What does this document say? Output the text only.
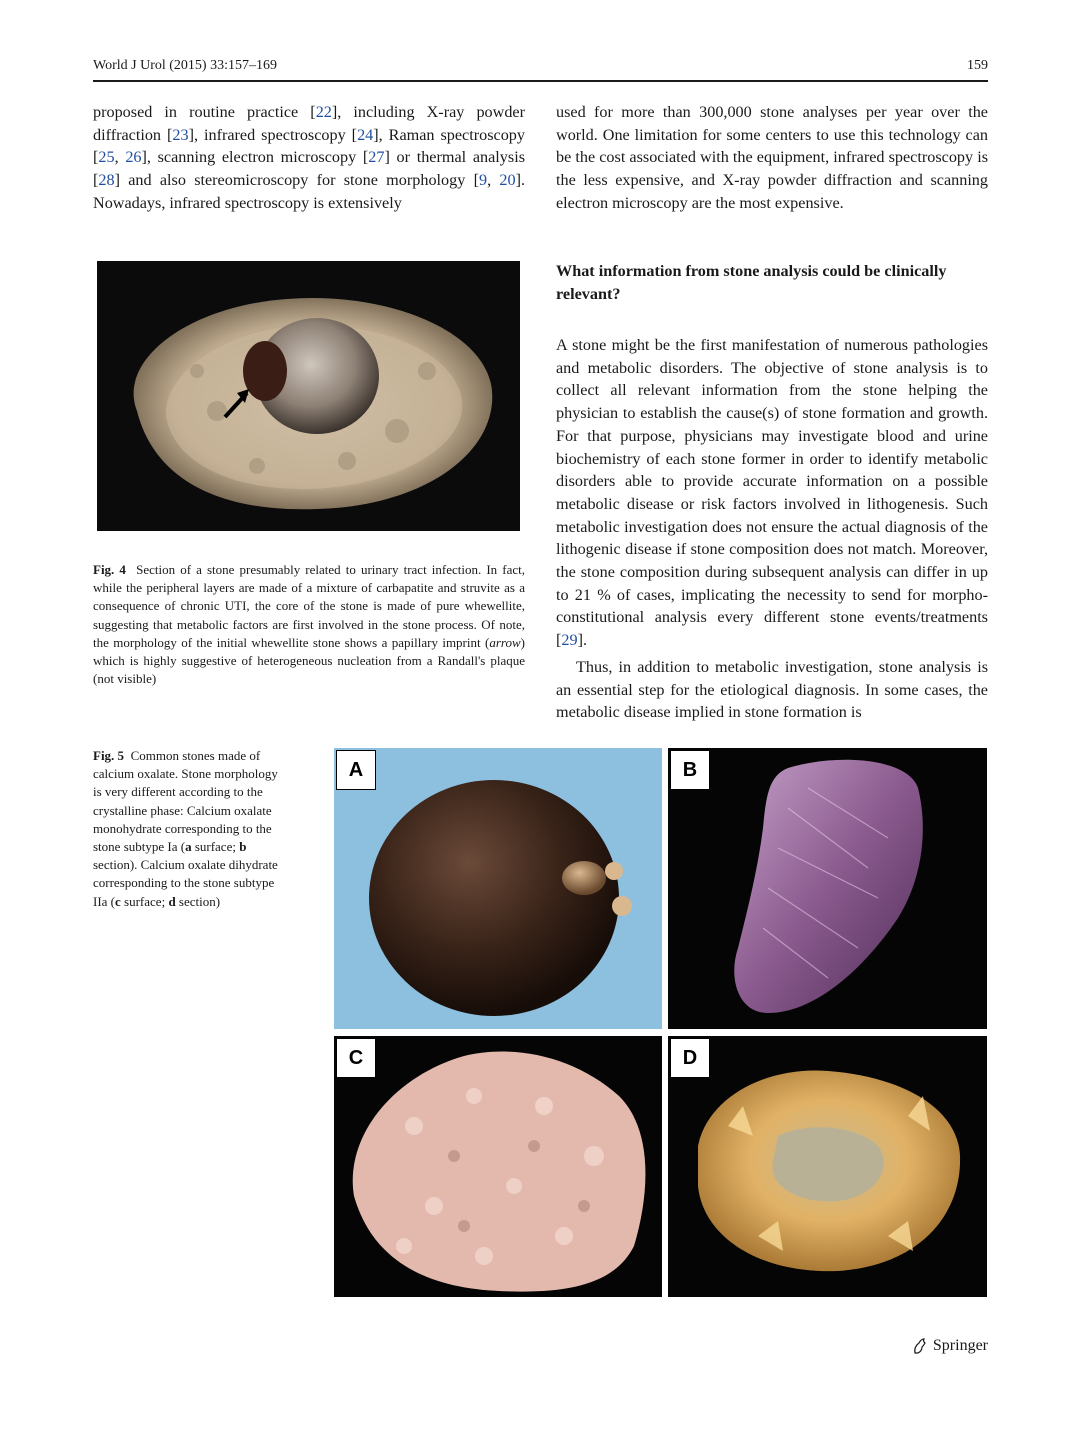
World J Urol (2015) 33:157–169	159

proposed in routine practice [22], including X-ray powder diffraction [23], infrared spectroscopy [24], Raman spectroscopy [25, 26], scanning electron microscopy [27] or thermal analysis [28] and also stereomicroscopy for stone morphology [9, 20]. Nowadays, infrared spectroscopy is extensively

used for more than 300,000 stone analyses per year over the world. One limitation for some centers to use this technology can be the cost associated with the equipment, infrared spectroscopy is the less expensive, and X-ray powder diffraction and scanning electron microscopy are the most expensive.

Fig. 4 Section of a stone presumably related to urinary tract infection. In fact, while the peripheral layers are made of a mixture of carbapatite and struvite as a consequence of chronic UTI, the core of the stone is made of pure whewellite, suggesting that metabolic factors are first involved in the stone process. Of note, the morphology of the initial whewellite stone shows a papillary imprint (arrow) which is highly suggestive of heterogeneous nucleation from a Randall's plaque (not visible)
What information from stone analysis could be clinically relevant?

A stone might be the first manifestation of numerous pathologies and metabolic disorders. The objective of stone analysis is to collect all relevant information from the stone helping the physician to establish the cause(s) of stone formation and growth. For that purpose, physicians may investigate blood and urine biochemistry of each stone former in order to identify metabolic disorders able to provide accurate information on a possible metabolic disease or risk factors involved in lithogenesis. Such metabolic investigation does not ensure the actual diagnosis of the lithogenic disease if stone composition does not match. Moreover, the stone composition during subsequent analysis can differ in up to 21 % of cases, implicating the necessity to send for morpho-constitutional analysis every different stone events/treatments [29].

Thus, in addition to metabolic investigation, stone analysis is an essential step for the etiological diagnosis. In some cases, the metabolic disease implied in stone formation is

Fig. 5 Common stones made of calcium oxalate. Stone morphology is very different according to the crystalline phase: Calcium oxalate monohydrate corresponding to the stone subtype Ia (a surface; b section). Calcium oxalate dihydrate corresponding to the stone subtype IIa (c surface; d section)
A	B
C	D
Springer
